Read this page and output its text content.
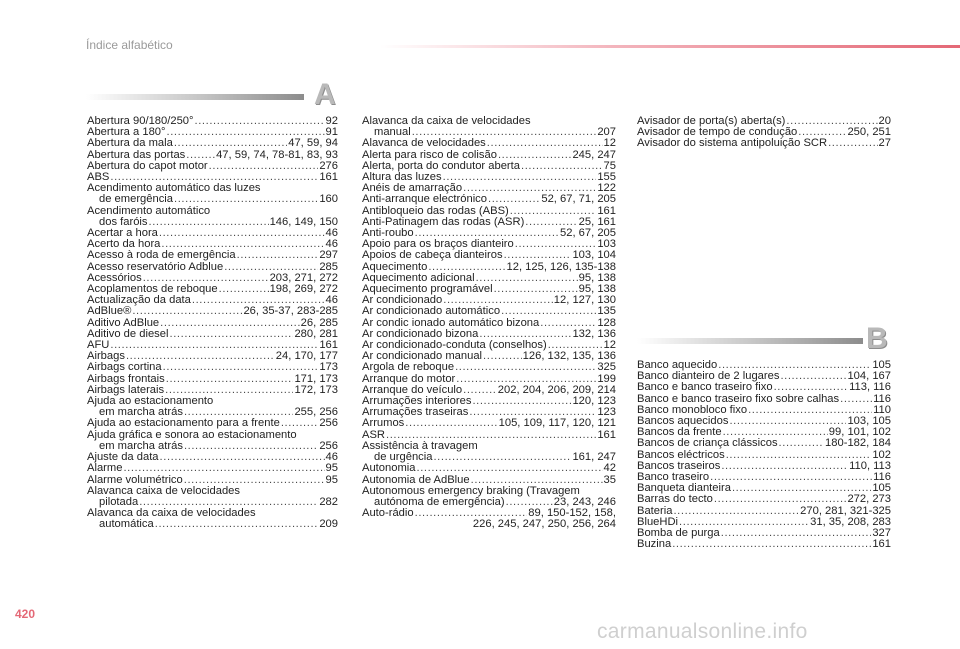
Índice alfabético
A
B
Abertura 90/180/250° .....	92
Abertura a 180° .....	91
Abertura da mala .....	47, 59, 94
Abertura das portas .....	47, 59, 74, 78-81, 83, 93
Abertura do capot motor .....	276
ABS .....	161
Acendimento automático das luzes
de emergência .....	160
Acendimento automático
dos faróis .....	146, 149, 150
Acertar a hora .....	46
Acerto da hora .....	46
Acesso à roda de emergência .....	297
Acesso reservatório Adblue .....	285
Acessórios .....	203, 271, 272
Acoplamentos de reboque .....	198, 269, 272
Actualização da data .....	46
AdBlue® .....	26, 35-37, 283-285
Aditivo AdBlue .....	26, 285
Aditivo de diesel .....	280, 281
AFU .....	161
Airbags .....	24, 170, 177
Airbags cortina .....	173
Airbags frontais .....	171, 173
Airbags laterais .....	172, 173
Ajuda ao estacionamento
em marcha atrás .....	255, 256
Ajuda ao estacionamento para a frente .....	256
Ajuda gráfica e sonora ao estacionamento
em marcha atrás .....	256
Ajuste da data .....	46
Alarme .....	95
Alarme volumétrico .....	95
Alavanca caixa de velocidades
pilotada .....	282
Alavanca da caixa de velocidades
automática .....	209
Alavanca da caixa de velocidades
manual .....	207
Alavanca de velocidades .....	12
Alerta para risco de colisão .....	245, 247
Alerta, porta do condutor aberta .....	75
Altura das luzes .....	155
Anéis de amarração .....	122
Anti-arranque electrónico .....	52, 67, 71, 205
Antibloqueio das rodas (ABS) .....	161
Anti-Patinagem das rodas (ASR) .....	25, 161
Anti-roubo .....	52, 67, 205
Apoio para os braços dianteiro .....	103
Apoios de cabeça dianteiros .....	103, 104
Aquecimento .....	12, 125, 126, 135-138
Aquecimento adicional .....	95, 138
Aquecimento programável .....	95, 138
Ar condicionado .....	12, 127, 130
Ar condicionado automático .....	135
Ar condic ionado automático bizona .....	128
Ar condicionado bizona .....	132, 136
Ar condicionado-conduta (conselhos) .....	12
Ar condicionado manual .....	126, 132, 135, 136
Argola de reboque .....	325
Arranque do motor .....	199
Arranque do veículo .....	202, 204, 206, 209, 214
Arrumações interiores .....	120, 123
Arrumações traseiras .....	123
Arrumos .....	105, 109, 117, 120, 121
ASR .....	161
Assistência à travagem
de urgência .....	161, 247
Autonomia .....	42
Autonomia de AdBlue .....	35
Autonomous emergency braking (Travagem
autónoma de emergência) .....	23, 243, 246
Auto-rádio .....	89, 150-152, 158,
226, 245, 247, 250, 256, 264
Avisador de porta(s) aberta(s) .....	20
Avisador de tempo de condução .....	250, 251
Avisador do sistema antipoluição SCR .....	27
Banco aquecido .....	105
Banco dianteiro de 2 lugares .....	104, 167
Banco e banco traseiro fixo .....	113, 116
Banco e banco traseiro fixo sobre calhas .....	116
Banco monobloco fixo .....	110
Bancos aquecidos .....	103, 105
Bancos da frente .....	99, 101, 102
Bancos de criança clássicos .....	180-182, 184
Bancos eléctricos .....	102
Bancos traseiros .....	110, 113
Banco traseiro .....	116
Banqueta dianteira .....	105
Barras do tecto .....	272, 273
Bateria .....	270, 281, 321-325
BlueHDi .....	31, 35, 208, 283
Bomba de purga .....	327
Buzina .....	161
420
carmanualsonline.info
